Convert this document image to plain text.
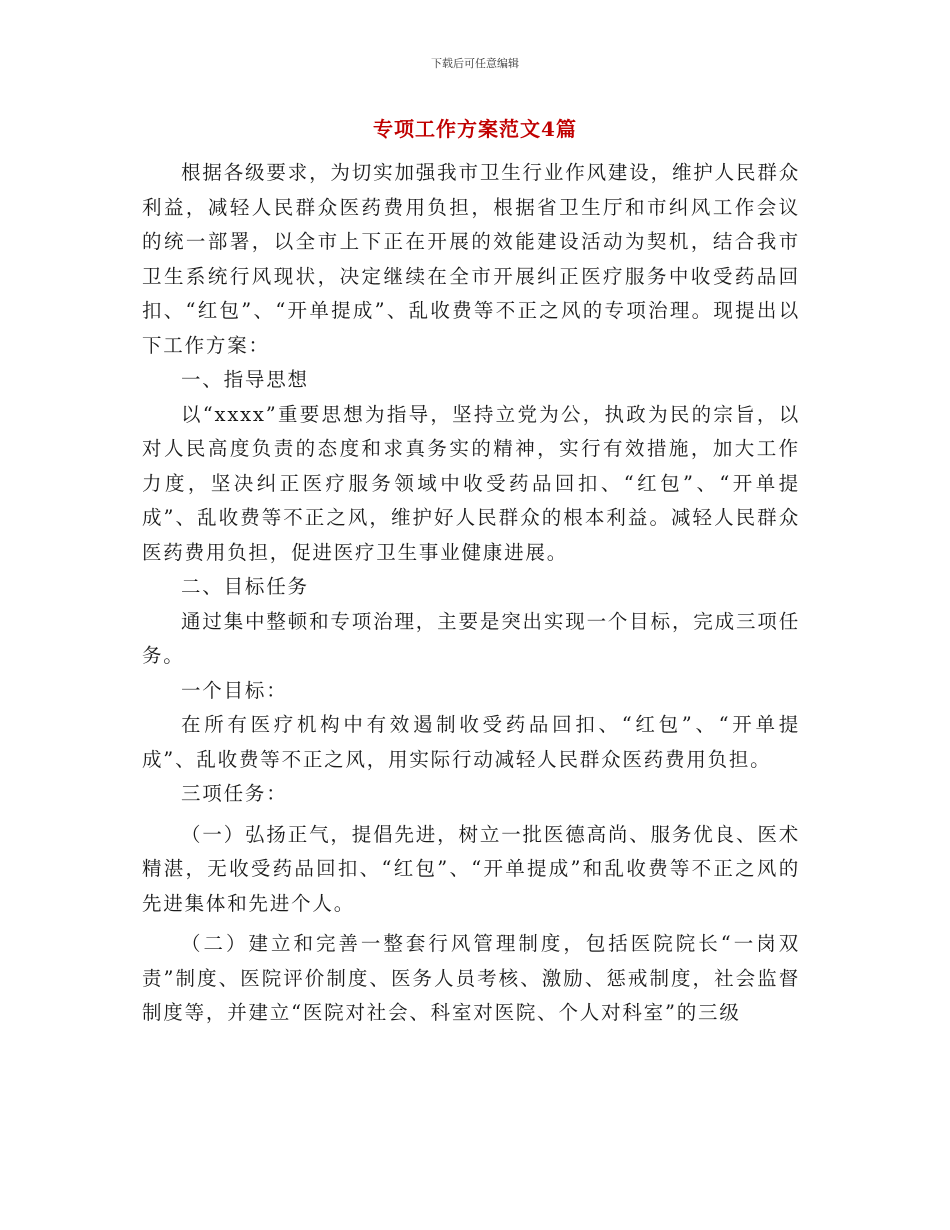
下载后可任意编辑
专项工作方案范文4篇

根据各级要求，为切实加强我市卫生行业作风建设，维护人民群众利益，减轻人民群众医药费用负担，根据省卫生厅和市纠风工作会议的统一部署，以全市上下正在开展的效能建设活动为契机，结合我市卫生系统行风现状，决定继续在全市开展纠正医疗服务中收受药品回扣、“红包”、“开单提成”、乱收费等不正之风的专项治理。现提出以下工作方案：

一、指导思想

以“xxxx”重要思想为指导，坚持立党为公，执政为民的宗旨，以对人民高度负责的态度和求真务实的精神，实行有效措施，加大工作力度，坚决纠正医疗服务领域中收受药品回扣、“红包”、“开单提成”、乱收费等不正之风，维护好人民群众的根本利益。减轻人民群众医药费用负担，促进医疗卫生事业健康进展。

二、目标任务

通过集中整顿和专项治理，主要是突出实现一个目标，完成三项任务。

一个目标：

在所有医疗机构中有效遏制收受药品回扣、“红包”、“开单提成”、乱收费等不正之风，用实际行动减轻人民群众医药费用负担。

三项任务：

（一）弘扬正气，提倡先进，树立一批医德高尚、服务优良、医术精湛，无收受药品回扣、“红包”、“开单提成”和乱收费等不正之风的先进集体和先进个人。

（二）建立和完善一整套行风管理制度，包括医院院长“一岗双责”制度、医院评价制度、医务人员考核、激励、惩戒制度，社会监督制度等，并建立“医院对社会、科室对医院、个人对科室”的三级
